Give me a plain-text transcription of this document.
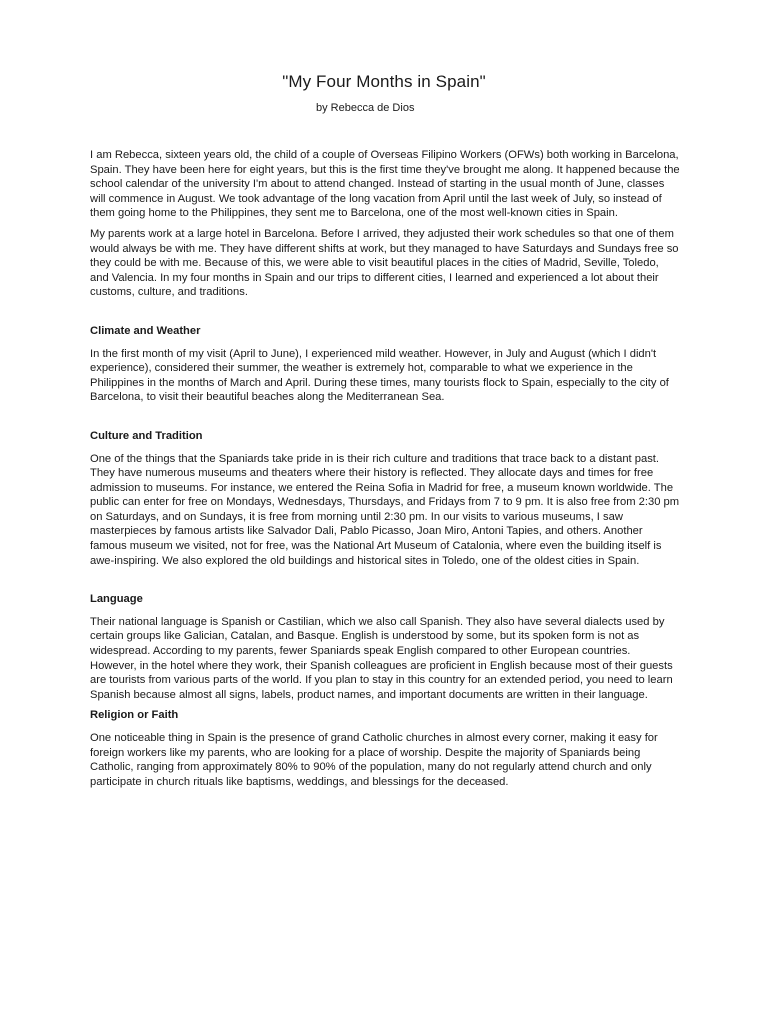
"My Four Months in Spain"

by Rebecca de Dios

I am Rebecca, sixteen years old, the child of a couple of Overseas Filipino Workers (OFWs) both working in Barcelona, Spain. They have been here for eight years, but this is the first time they've brought me along. It happened because the school calendar of the university I'm about to attend changed. Instead of starting in the usual month of June, classes will commence in August. We took advantage of the long vacation from April until the last week of July, so instead of them going home to the Philippines, they sent me to Barcelona, one of the most well-known cities in Spain.

My parents work at a large hotel in Barcelona. Before I arrived, they adjusted their work schedules so that one of them would always be with me. They have different shifts at work, but they managed to have Saturdays and Sundays free so they could be with me. Because of this, we were able to visit beautiful places in the cities of Madrid, Seville, Toledo, and Valencia. In my four months in Spain and our trips to different cities, I learned and experienced a lot about their customs, culture, and traditions.

Climate and Weather

In the first month of my visit (April to June), I experienced mild weather. However, in July and August (which I didn't experience), considered their summer, the weather is extremely hot, comparable to what we experience in the Philippines in the months of March and April. During these times, many tourists flock to Spain, especially to the city of Barcelona, to visit their beautiful beaches along the Mediterranean Sea.

Culture and Tradition

One of the things that the Spaniards take pride in is their rich culture and traditions that trace back to a distant past. They have numerous museums and theaters where their history is reflected. They allocate days and times for free admission to museums. For instance, we entered the Reina Sofia in Madrid for free, a museum known worldwide. The public can enter for free on Mondays, Wednesdays, Thursdays, and Fridays from 7 to 9 pm. It is also free from 2:30 pm on Saturdays, and on Sundays, it is free from morning until 2:30 pm. In our visits to various museums, I saw masterpieces by famous artists like Salvador Dali, Pablo Picasso, Joan Miro, Antoni Tapies, and others. Another famous museum we visited, not for free, was the National Art Museum of Catalonia, where even the building itself is awe-inspiring. We also explored the old buildings and historical sites in Toledo, one of the oldest cities in Spain.

Language

Their national language is Spanish or Castilian, which we also call Spanish. They also have several dialects used by certain groups like Galician, Catalan, and Basque. English is understood by some, but its spoken form is not as widespread. According to my parents, fewer Spaniards speak English compared to other European countries. However, in the hotel where they work, their Spanish colleagues are proficient in English because most of their guests are tourists from various parts of the world. If you plan to stay in this country for an extended period, you need to learn Spanish because almost all signs, labels, product names, and important documents are written in their language.

Religion or Faith

One noticeable thing in Spain is the presence of grand Catholic churches in almost every corner, making it easy for foreign workers like my parents, who are looking for a place of worship. Despite the majority of Spaniards being Catholic, ranging from approximately 80% to 90% of the population, many do not regularly attend church and only participate in church rituals like baptisms, weddings, and blessings for the deceased.
